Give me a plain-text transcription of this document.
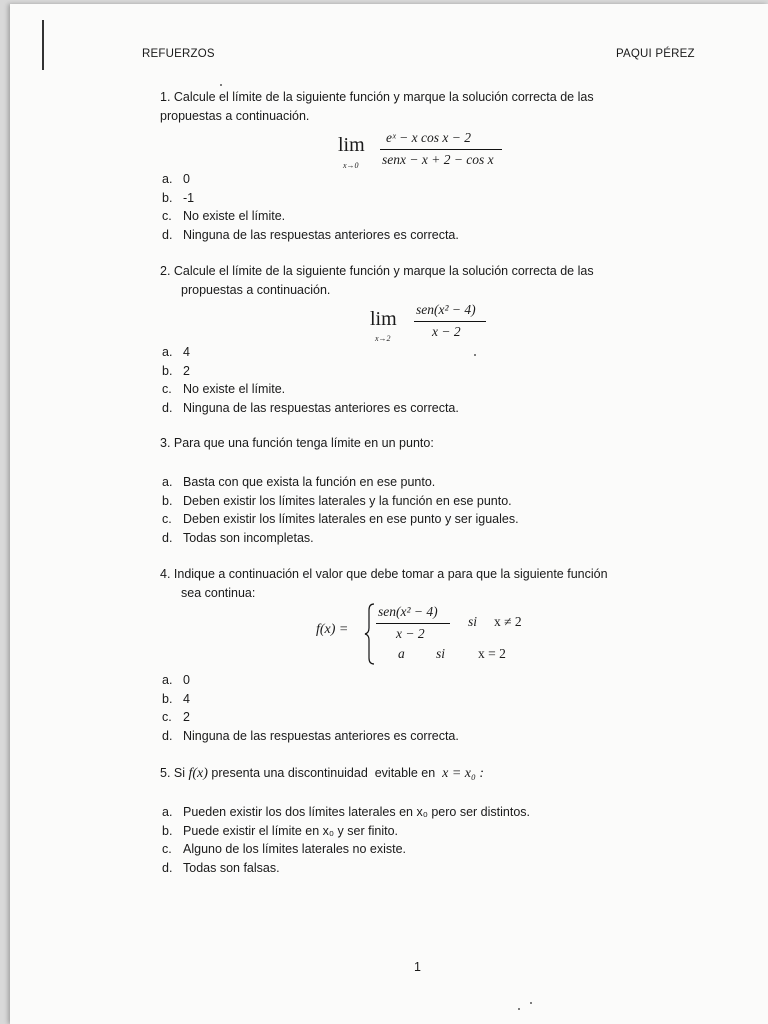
REFUERZOS	PAQUI PÉREZ
1. Calcule el límite de la siguiente función y marque la solución correcta de las
propuestas a continuación.
lim
x→0
eˣ − x cos x − 2
senx − x + 2 − cos x
a. 0
b. -1
c. No existe el límite.
d. Ninguna de las respuestas anteriores es correcta.
2. Calcule el límite de la siguiente función y marque la solución correcta de las
propuestas a continuación.
lim
x→2
sen(x² − 4)
x − 2
a. 4
b. 2
c. No existe el límite.
d. Ninguna de las respuestas anteriores es correcta.
3. Para que una función tenga límite en un punto:
a. Basta con que exista la función en ese punto.
b. Deben existir los límites laterales y la función en ese punto.
c. Deben existir los límites laterales en ese punto y ser iguales.
d. Todas son incompletas.
4. Indique a continuación el valor que debe tomar a para que la siguiente función
sea continua:
f(x) =
sen(x² − 4)
x − 2
si x ≠ 2
a si x = 2
a. 0
b. 4
c. 2
d. Ninguna de las respuestas anteriores es correcta.
5. Si f(x) presenta una discontinuidad  evitable en  x = x₀ :
a. Pueden existir los dos límites laterales en x₀ pero ser distintos.
b. Puede existir el límite en x₀ y ser finito.
c. Alguno de los límites laterales no existe.
d. Todas son falsas.
1
